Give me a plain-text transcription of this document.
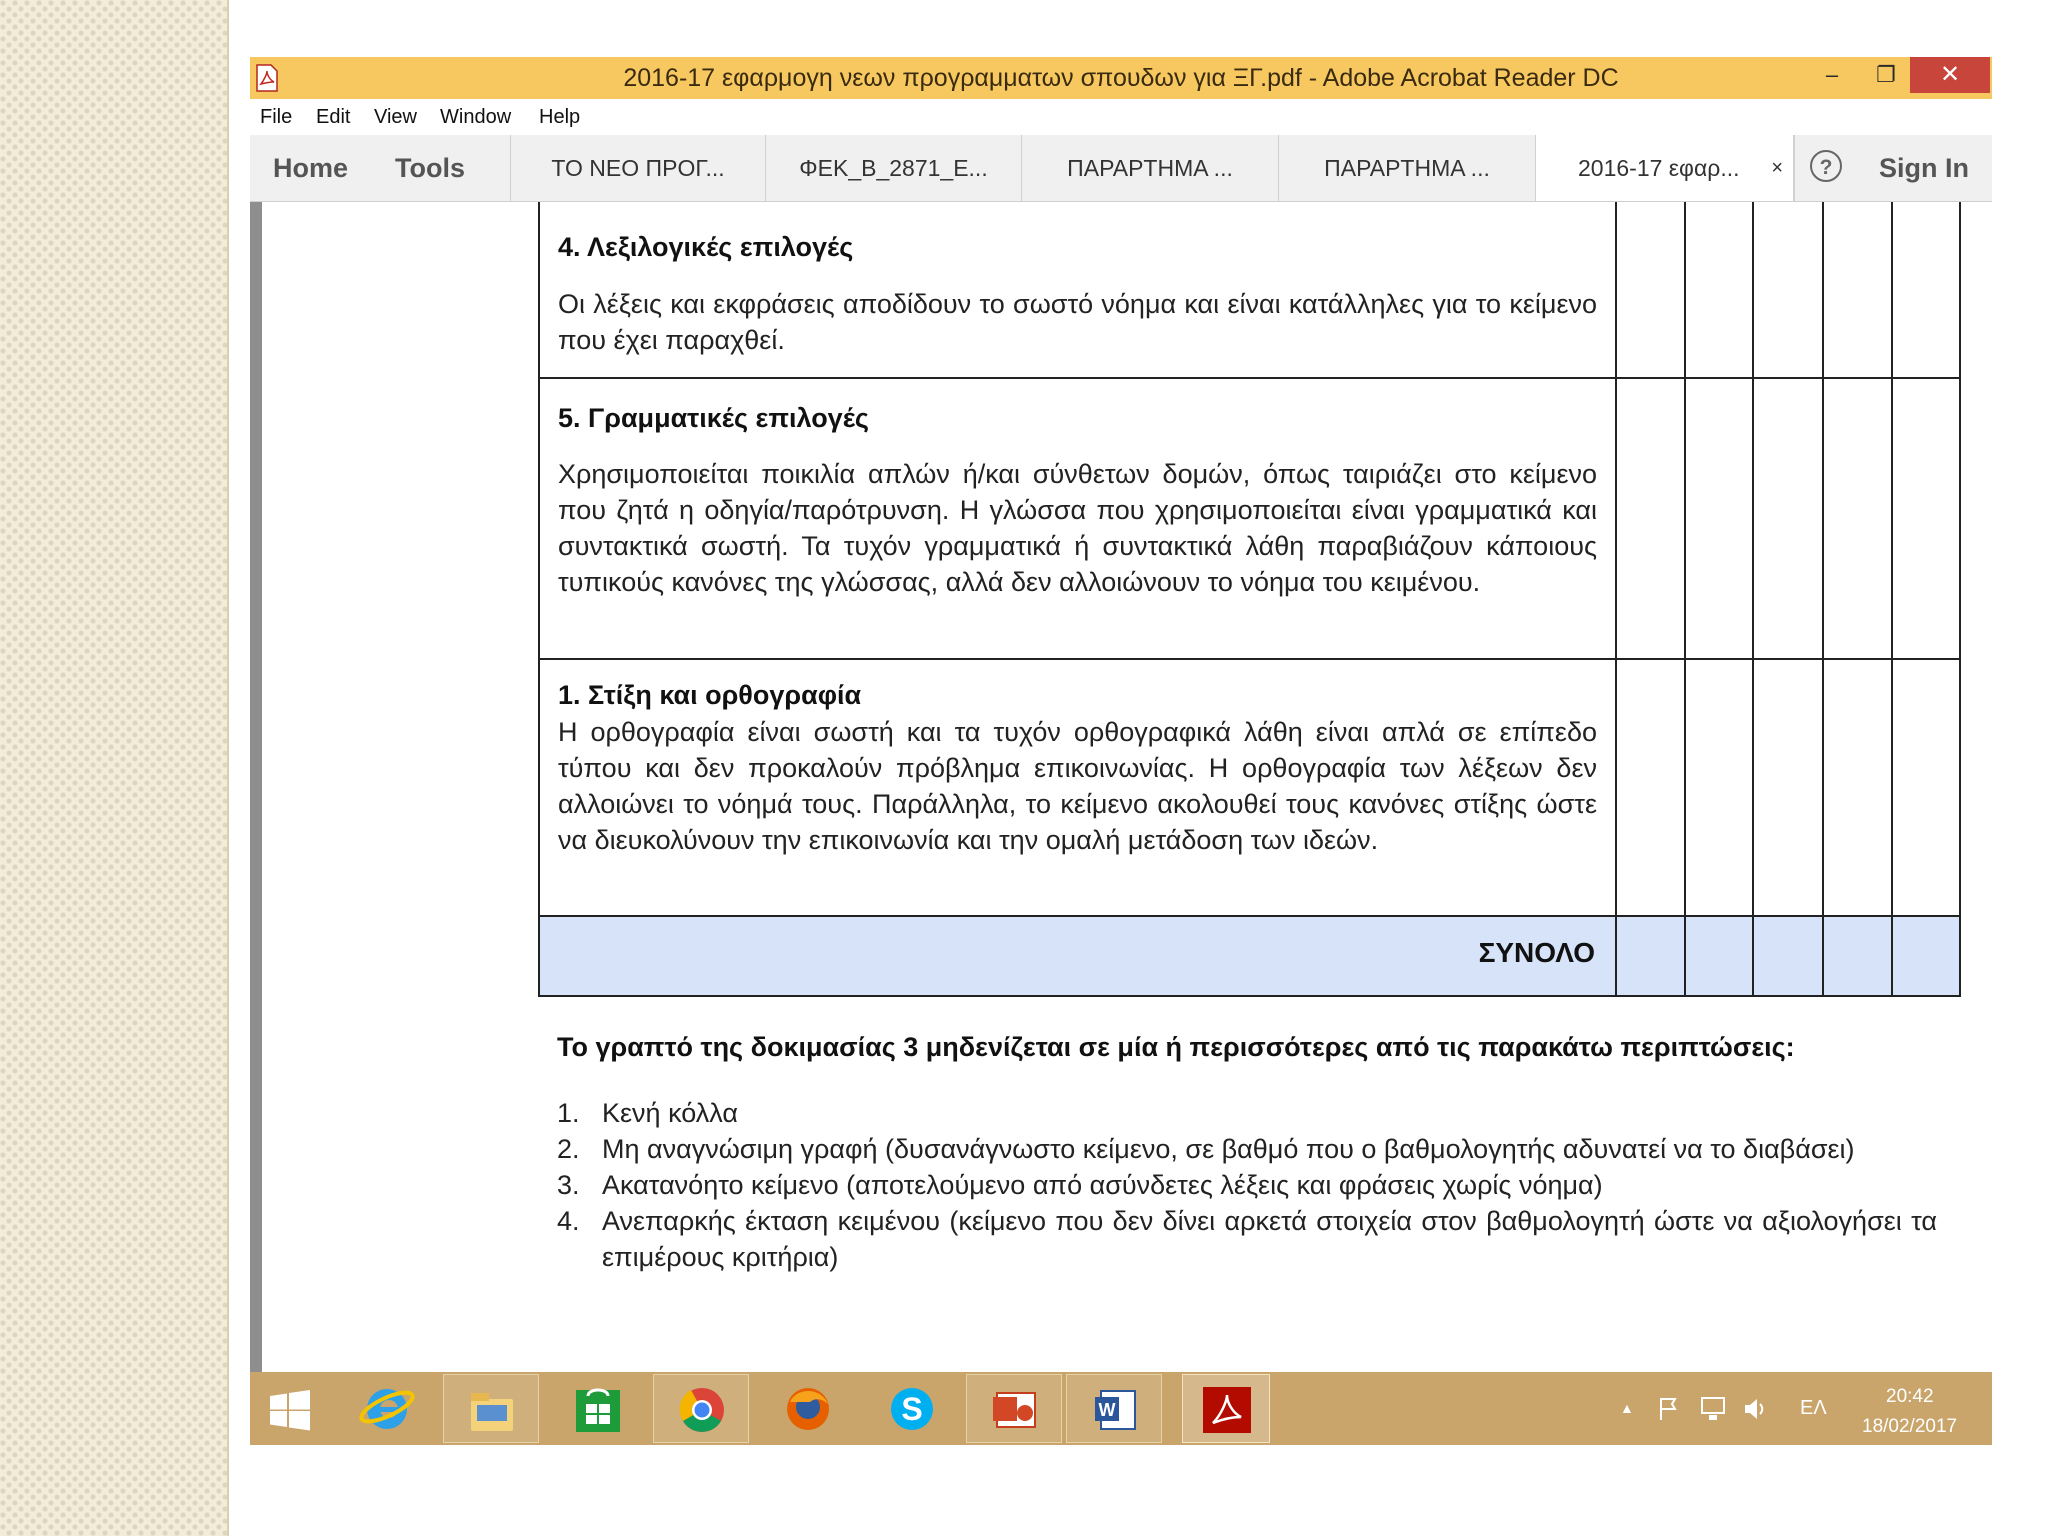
2016-17 εφαρμογη νεων προγραμματων σπουδων για ΞΓ.pdf - Adobe Acrobat Reader DC	–	❐	✕
File Edit View Window Help
Home Tools	ΤΟ ΝΕΟ ΠΡΟΓ...	ΦΕΚ_Β_2871_Ε...	ΠΑΡΑΡΤΗΜΑ ...	ΠΑΡΑΡΤΗΜΑ ...	2016-17 εφαρ... ×	?	Sign In
4. Λεξιλογικές επιλογές
Οι λέξεις και εκφράσεις αποδίδουν το σωστό νόημα και είναι κατάλληλες για το κείμενο που έχει παραχθεί.
5. Γραμματικές επιλογές
Χρησιμοποιείται ποικιλία απλών ή/και σύνθετων δομών, όπως ταιριάζει στο κείμενο που ζητά η οδηγία/παρότρυνση. Η γλώσσα που χρησιμοποιείται είναι γραμματικά και συντακτικά σωστή. Τα τυχόν γραμματικά ή συντακτικά λάθη παραβιάζουν κάποιους τυπικούς κανόνες της γλώσσας, αλλά δεν αλλοιώνουν το νόημα του κειμένου.
1. Στίξη και ορθογραφία
Η ορθογραφία είναι σωστή και τα τυχόν ορθογραφικά λάθη είναι απλά σε επίπεδο τύπου και δεν προκαλούν πρόβλημα επικοινωνίας. Η ορθογραφία των λέξεων δεν αλλοιώνει το νόημά τους. Παράλληλα, το κείμενο ακολουθεί τους κανόνες στίξης ώστε να διευκολύνουν την επικοινωνία και την ομαλή μετάδοση των ιδεών.
ΣΥΝΟΛΟ
Το γραπτό της δοκιμασίας 3 μηδενίζεται σε μία ή περισσότερες από τις παρακάτω περιπτώσεις:
1. Κενή κόλλα
2. Μη αναγνώσιμη γραφή (δυσανάγνωστο κείμενο, σε βαθμό που ο βαθμολογητής αδυνατεί να το διαβάσει)
3. Ακατανόητο κείμενο (αποτελούμενο από ασύνδετες λέξεις και φράσεις χωρίς νόημα)
4. Ανεπαρκής έκταση κειμένου (κείμενο που δεν δίνει αρκετά στοιχεία στον βαθμολογητή ώστε να αξιολογήσει τα επιμέρους κριτήρια)
S	W	▲	ΕΛ
20:42
18/02/2017
